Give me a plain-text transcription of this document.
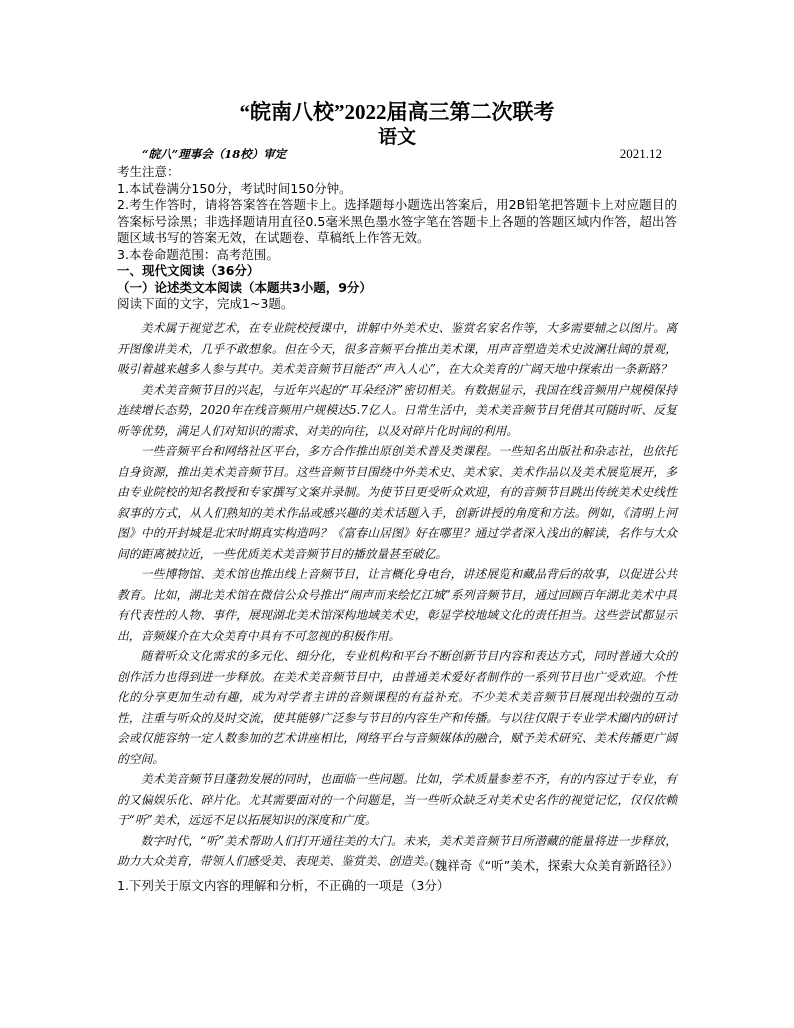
“皖南八校”2022届高三第二次联考
语文
“皖八”理事会（18校）审定	2021.12
考生注意：
1.本试卷满分150分，考试时间150分钟。
2.考生作答时，请将答案答在答题卡上。选择题每小题选出答案后，用2B铅笔把答题卡上对应题目的答案标号涂黑；非选择题请用直径0.5毫米黑色墨水签字笔在答题卡上各题的答题区域内作答，超出答题区域书写的答案无效，在试题卷、草稿纸上作答无效。
3.本卷命题范围：高考范围。
一、现代文阅读（36分）
（一）论述类文本阅读（本题共3小题，9分）
阅读下面的文字，完成1~3题。

美术属于视觉艺术，在专业院校授课中，讲解中外美术史、鉴赏名家名作等，大多需要辅之以图片。离开图像讲美术，几乎不敢想象。但在今天，很多音频平台推出美术课，用声音塑造美术史波澜壮阔的景观，吸引着越来越多人参与其中。美术美音频节目能否“声入人心”，在大众美育的广阔天地中探索出一条新路？

美术美音频节目的兴起，与近年兴起的“耳朵经济”密切相关。有数据显示，我国在线音频用户规模保持连续增长态势，2020年在线音频用户规模达5.7亿人。日常生活中，美术美音频节目凭借其可随时听、反复听等优势，满足人们对知识的需求、对美的向往，以及对碎片化时间的利用。

一些音频平台和网络社区平台，多方合作推出原创美术普及类课程。一些知名出版社和杂志社，也依托自身资源，推出美术美音频节目。这些音频节目围绕中外美术史、美术家、美术作品以及美术展览展开，多由专业院校的知名教授和专家撰写文案并录制。为使节目更受听众欢迎，有的音频节目跳出传统美术史线性叙事的方式，从人们熟知的美术作品或感兴趣的美术话题入手，创新讲授的角度和方法。例如，《清明上河图》中的开封城是北宋时期真实构造吗？《富春山居图》好在哪里？通过学者深入浅出的解读，名作与大众间的距离被拉近，一些优质美术美音频节目的播放量甚至破亿。

一些博物馆、美术馆也推出线上音频节目，让言概化身电台，讲述展览和藏品背后的故事，以促进公共教育。比如，湖北美术馆在微信公众号推出“闹声而来绘忆江城”系列音频节目，通过回顾百年湖北美术中具有代表性的人物、事件，展现湖北美术馆深构地域美术史，彰显学校地域文化的责任担当。这些尝试都显示出，音频媒介在大众美育中具有不可忽视的积极作用。

随着听众文化需求的多元化、细分化，专业机构和平台不断创新节目内容和表达方式，同时普通大众的创作活力也得到进一步释放。在美术美音频节目中，由普通美术爱好者制作的一系列节目也广受欢迎。个性化的分享更加生动有趣，成为对学者主讲的音频课程的有益补充。不少美术美音频节目展现出较强的互动性，注重与听众的及时交流，使其能够广泛参与节目的内容生产和传播。与以往仅限于专业学术圈内的研讨会或仅能容纳一定人数参加的艺术讲座相比，网络平台与音频媒体的融合，赋予美术研究、美术传播更广阔的空间。

美术美音频节目蓬勃发展的同时，也面临一些问题。比如，学术质量参差不齐，有的内容过于专业，有的又偏娱乐化、碎片化。尤其需要面对的一个问题是，当一些听众缺乏对美术史名作的视觉记忆，仅仅依赖于“听”美术，远远不足以拓展知识的深度和广度。

数字时代，“听”美术帮助人们打开通往美的大门。未来，美术美音频节目所潜藏的能量将进一步释放，助力大众美育，带领人们感受美、表现美、鉴赏美、创造美。

（魏祥奇《“听”美术，探索大众美育新路径》）
1.下列关于原文内容的理解和分析，不正确的一项是（3分）
